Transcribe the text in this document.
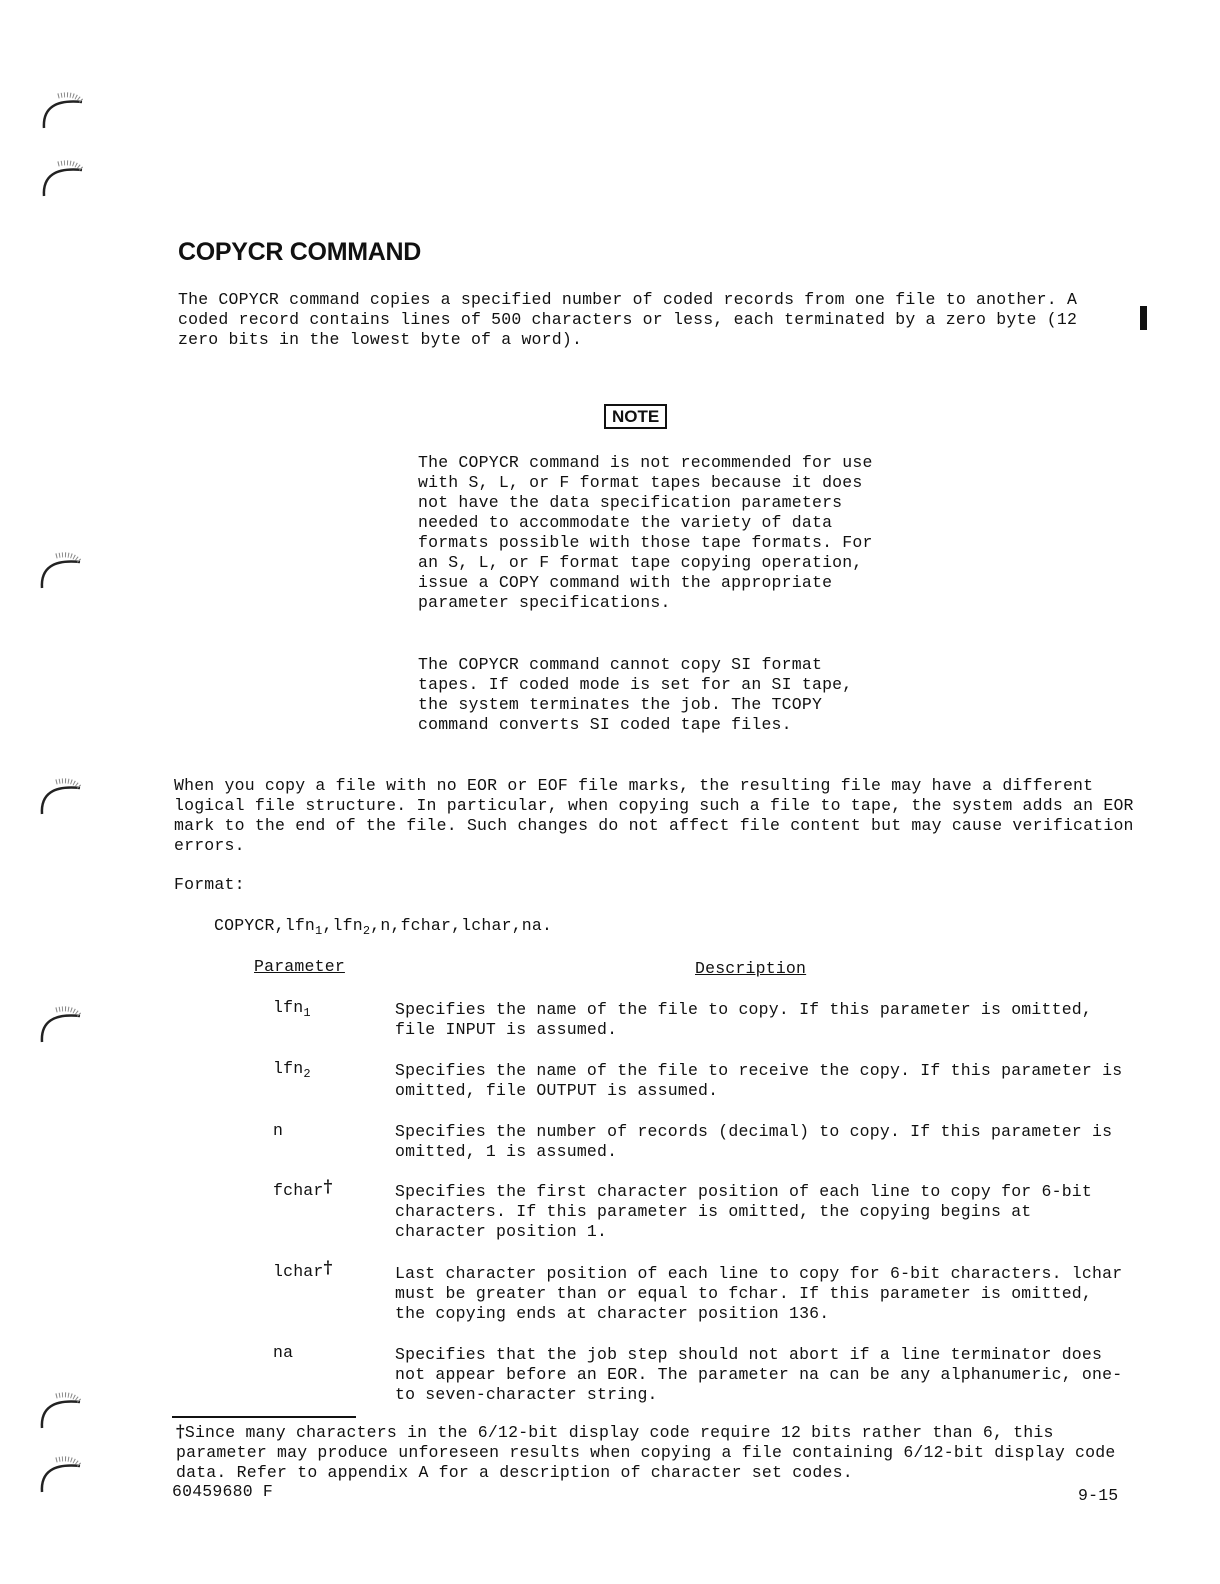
COPYCR COMMAND
The COPYCR command copies a specified number of coded records from one file to another. A coded record contains lines of 500 characters or less, each terminated by a zero byte (12 zero bits in the lowest byte of a word).
NOTE
The COPYCR command is not recommended for use with S, L, or F format tapes because it does not have the data specification parameters needed to accommodate the variety of data formats possible with those tape formats. For an S, L, or F format tape copying operation, issue a COPY command with the appropriate parameter specifications.
The COPYCR command cannot copy SI format tapes. If coded mode is set for an SI tape, the system terminates the job. The TCOPY command converts SI coded tape files.
When you copy a file with no EOR or EOF file marks, the resulting file may have a different logical file structure. In particular, when copying such a file to tape, the system adds an EOR mark to the end of the file. Such changes do not affect file content but may cause verification errors.
Format:
COPYCR,lfn$_1$,lfn$_2$,n,fchar,lchar,na.
Parameter	Description
lfn$_1$	Specifies the name of the file to copy. If this parameter is omitted, file INPUT is assumed.
lfn$_2$	Specifies the name of the file to receive the copy. If this parameter is omitted, file OUTPUT is assumed.
n	Specifies the number of records (decimal) to copy. If this parameter is omitted, 1 is assumed.
fchar†	Specifies the first character position of each line to copy for 6-bit characters. If this parameter is omitted, the copying begins at character position 1.
lchar†	Last character position of each line to copy for 6-bit characters. lchar must be greater than or equal to fchar. If this parameter is omitted, the copying ends at character position 136.
na	Specifies that the job step should not abort if a line terminator does not appear before an EOR. The parameter na can be any alphanumeric, one- to seven-character string.
†Since many characters in the 6/12-bit display code require 12 bits rather than 6, this parameter may produce unforeseen results when copying a file containing 6/12-bit display code data. Refer to appendix A for a description of character set codes.
60459680 F	9-15
